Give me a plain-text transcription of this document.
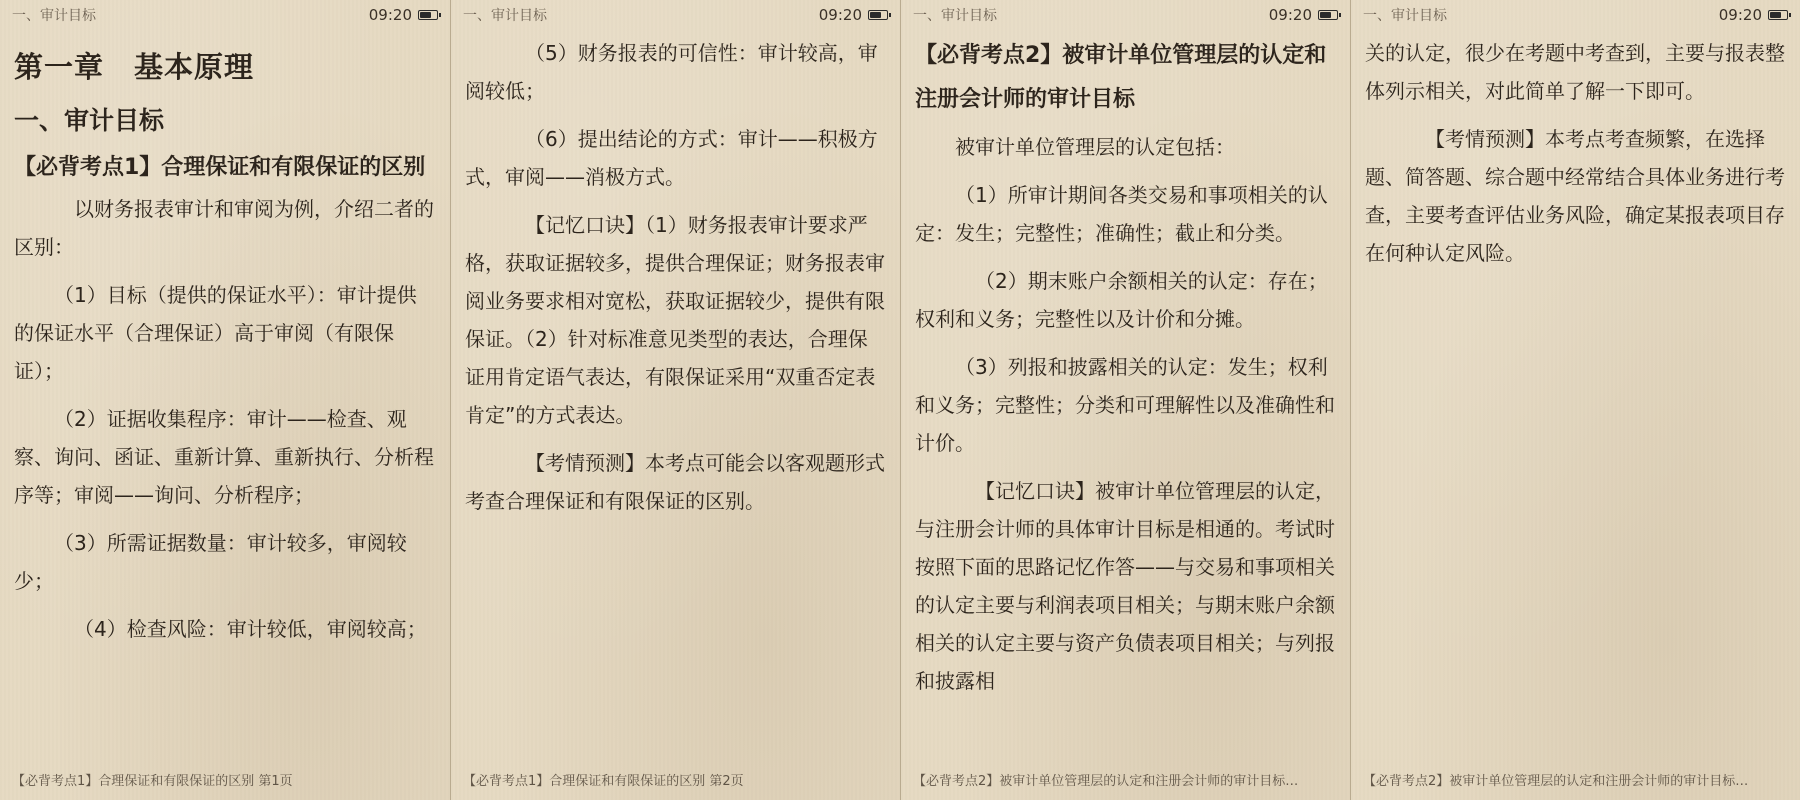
一、审计目标	09:20
第一章　基本原理
一、审计目标
【必背考点1】合理保证和有限保证的区别

以财务报表审计和审阅为例，介绍二者的区别：

（1）目标（提供的保证水平）：审计提供的保证水平（合理保证）高于审阅（有限保证）；

（2）证据收集程序：审计——检查、观察、询问、函证、重新计算、重新执行、分析程序等；审阅——询问、分析程序；

（3）所需证据数量：审计较多，审阅较少；

（4）检查风险：审计较低，审阅较高；

【必背考点1】合理保证和有限保证的区别 第1页
一、审计目标	09:20

（5）财务报表的可信性：审计较高，审阅较低；

（6）提出结论的方式：审计——积极方式，审阅——消极方式。

【记忆口诀】（1）财务报表审计要求严格，获取证据较多，提供合理保证；财务报表审阅业务要求相对宽松，获取证据较少，提供有限保证。（2）针对标准意见类型的表达，合理保证用肯定语气表达，有限保证采用“双重否定表肯定”的方式表达。

【考情预测】本考点可能会以客观题形式考查合理保证和有限保证的区别。

【必背考点1】合理保证和有限保证的区别 第2页
一、审计目标	09:20
【必背考点2】被审计单位管理层的认定和注册会计师的审计目标

被审计单位管理层的认定包括：

（1）所审计期间各类交易和事项相关的认定：发生；完整性；准确性；截止和分类。

（2）期末账户余额相关的认定：存在；权利和义务；完整性以及计价和分摊。

（3）列报和披露相关的认定：发生；权利和义务；完整性；分类和可理解性以及准确性和计价。

【记忆口诀】被审计单位管理层的认定，与注册会计师的具体审计目标是相通的。考试时按照下面的思路记忆作答——与交易和事项相关的认定主要与利润表项目相关；与期末账户余额相关的认定主要与资产负债表项目相关；与列报和披露相

【必背考点2】被审计单位管理层的认定和注册会计师的审计目标…
一、审计目标	09:20

关的认定，很少在考题中考查到，主要与报表整体列示相关，对此简单了解一下即可。

【考情预测】本考点考查频繁，在选择题、简答题、综合题中经常结合具体业务进行考查，主要考查评估业务风险，确定某报表项目存在何种认定风险。

【必背考点2】被审计单位管理层的认定和注册会计师的审计目标…
